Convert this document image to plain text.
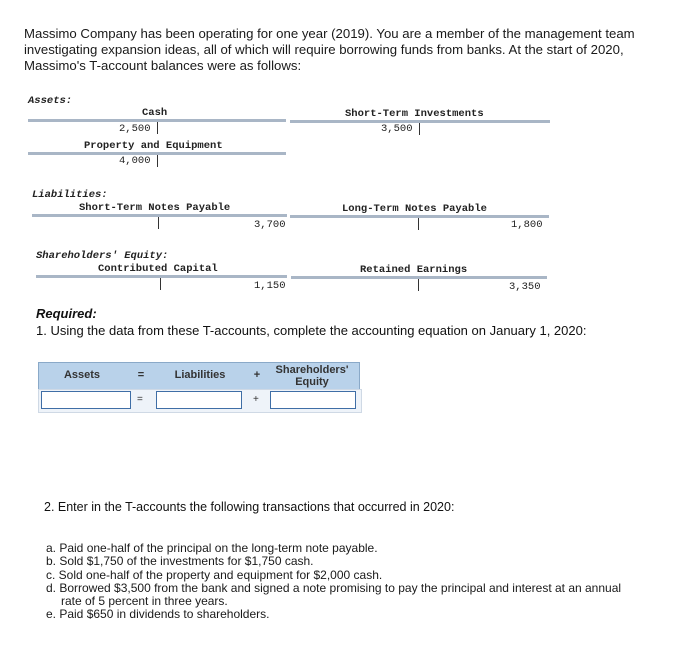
Massimo Company has been operating for one year (2019). You are a member of the management team investigating expansion ideas, all of which will require borrowing funds from banks. At the start of 2020, Massimo's T-account balances were as follows:
Assets:
Cash
2,500
Short-Term Investments
3,500
Property and Equipment
4,000
Liabilities:
Short-Term Notes Payable
3,700
Long-Term Notes Payable
1,800
Shareholders' Equity:
Contributed Capital
1,150
Retained Earnings
3,350
Required:
1. Using the data from these T-accounts, complete the accounting equation on January 1, 2020:
Assets	=	Liabilities	+	Shareholders'
Equity
=	+
2. Enter in the T-accounts the following transactions that occurred in 2020:
a. Paid one-half of the principal on the long-term note payable.
b. Sold $1,750 of the investments for $1,750 cash.
c. Sold one-half of the property and equipment for $2,000 cash.
d. Borrowed $3,500 from the bank and signed a note promising to pay the principal and interest at an annual
rate of 5 percent in three years.
e. Paid $650 in dividends to shareholders.
